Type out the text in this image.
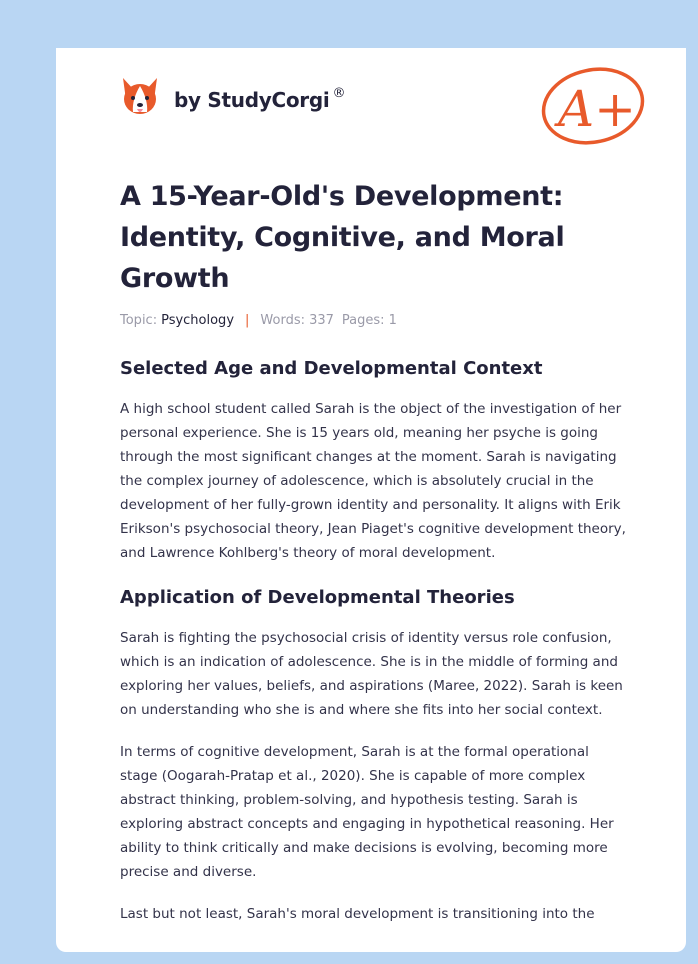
by StudyCorgi ®	A+
A 15-Year-Old's Development: Identity, Cognitive, and Moral Growth
Topic: Psychology | Words: 337 Pages: 1
Selected Age and Developmental Context

A high school student called Sarah is the object of the investigation of her personal experience. She is 15 years old, meaning her psyche is going through the most significant changes at the moment. Sarah is navigating the complex journey of adolescence, which is absolutely crucial in the development of her fully-grown identity and personality. It aligns with Erik Erikson's psychosocial theory, Jean Piaget's cognitive development theory, and Lawrence Kohlberg's theory of moral development.

Application of Developmental Theories

Sarah is fighting the psychosocial crisis of identity versus role confusion, which is an indication of adolescence. She is in the middle of forming and exploring her values, beliefs, and aspirations (Maree, 2022). Sarah is keen on understanding who she is and where she fits into her social context.

In terms of cognitive development, Sarah is at the formal operational stage (Oogarah-Pratap et al., 2020). She is capable of more complex abstract thinking, problem-solving, and hypothesis testing. Sarah is exploring abstract concepts and engaging in hypothetical reasoning. Her ability to think critically and make decisions is evolving, becoming more precise and diverse.

Last but not least, Sarah's moral development is transitioning into the
